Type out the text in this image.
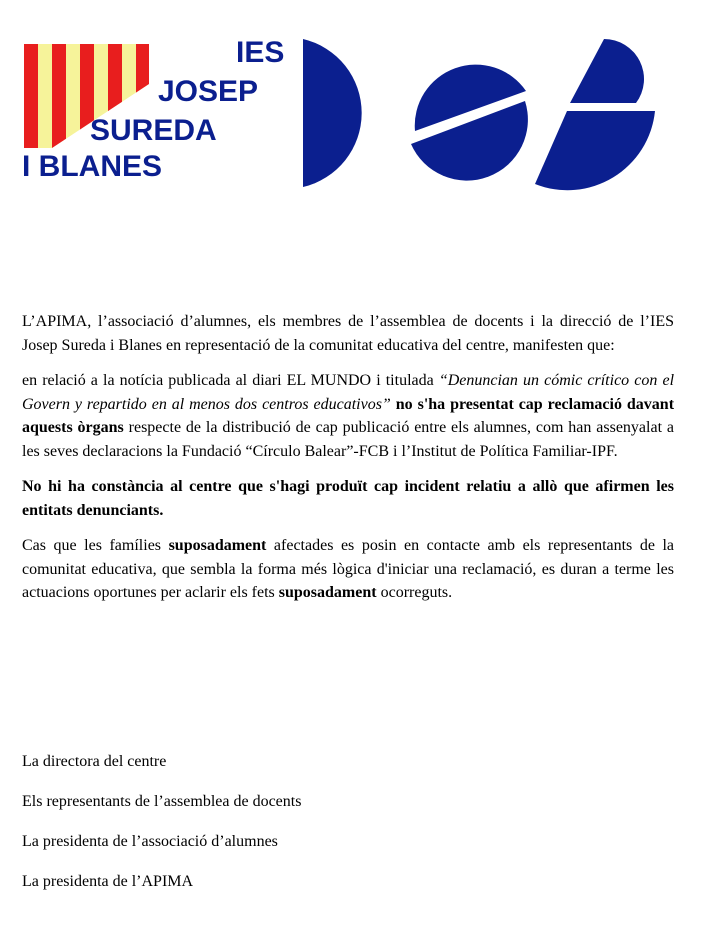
IES

JOSEP

SUREDA

I BLANES

L’APIMA, l’associació d’alumnes, els membres de l’assemblea de docents i la direcció de l’IES Josep Sureda i Blanes en representació de la comunitat educativa del centre, manifesten que:

en relació a la notícia publicada al diari EL MUNDO i titulada “Denuncian un cómic crítico con el Govern y repartido en al menos dos centros educativos” no s'ha presentat cap reclamació davant aquests òrgans respecte de la distribució de cap publicació entre els alumnes, com han assenyalat a les seves declaracions la Fundació “Círculo Balear”-FCB i l’Institut de Política Familiar-IPF.

No hi ha constància al centre que s'hagi produït cap incident relatiu a allò que afirmen les entitats denunciants.

Cas que les famílies suposadament afectades es posin en contacte amb els representants de la comunitat educativa, que sembla la forma més lògica d'iniciar una reclamació, es duran a terme les actuacions oportunes per aclarir els fets suposadament ocorreguts.

La directora del centre

Els representants de l’assemblea de docents

La presidenta de l’associació d’alumnes

La presidenta de l’APIMA
